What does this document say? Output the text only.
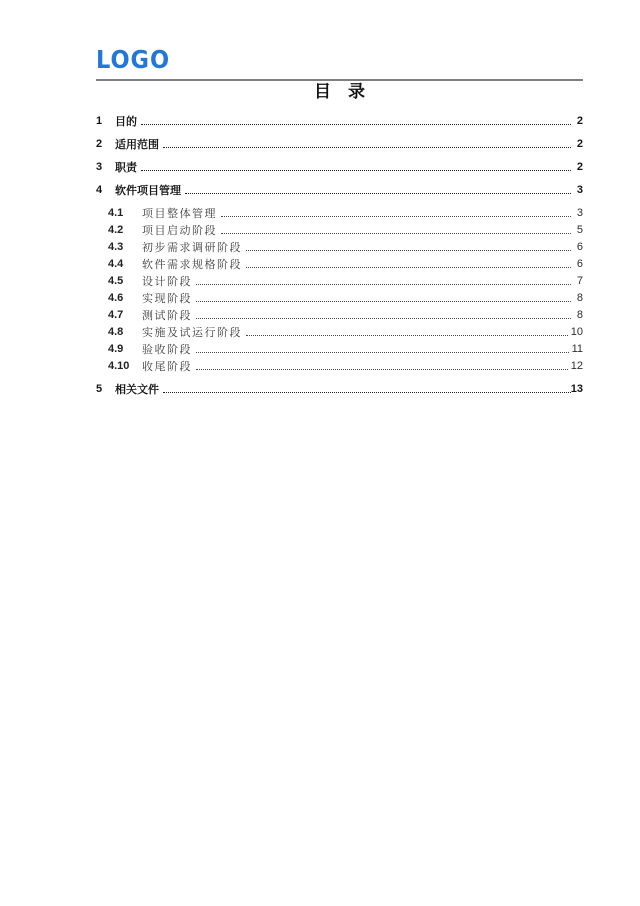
LOGO
目　录
1	目的	2
2	适用范围	2
3	职责	2
4	软件项目管理	3
4.1	项目整体管理	3
4.2	项目启动阶段	5
4.3	初步需求调研阶段	6
4.4	软件需求规格阶段	6
4.5	设计阶段	7
4.6	实现阶段	8
4.7	测试阶段	8
4.8	实施及试运行阶段	10
4.9	验收阶段	11
4.10	收尾阶段	12
5	相关文件	13
